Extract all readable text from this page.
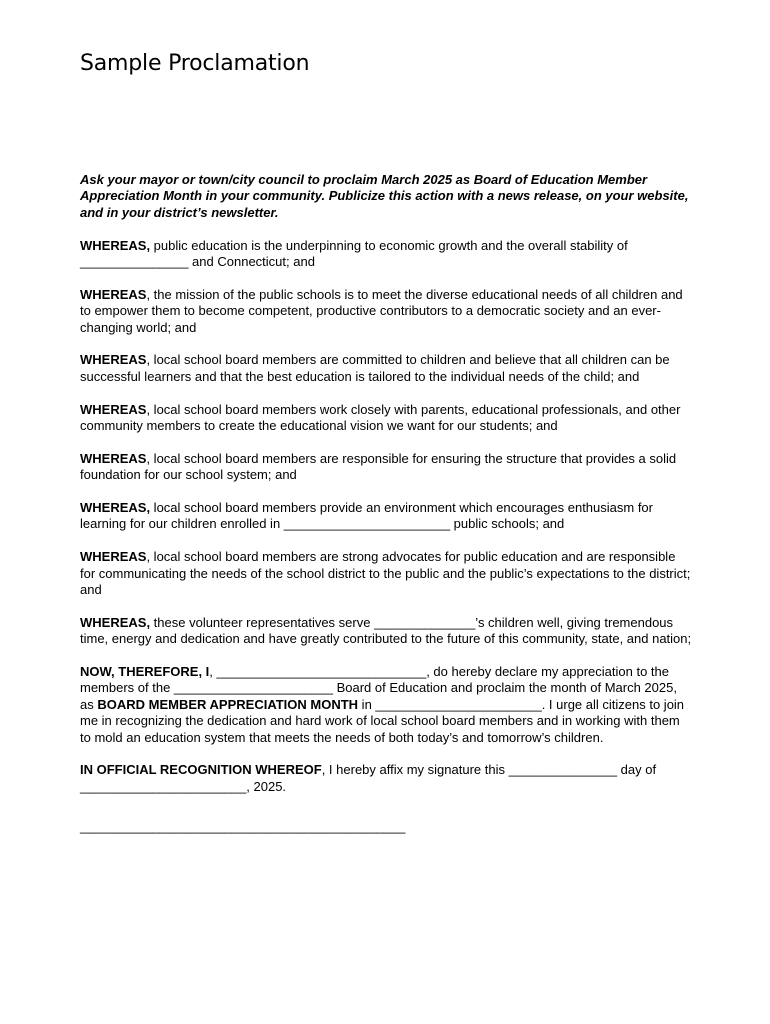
Sample Proclamation

Ask your mayor or town/city council to proclaim March 2025 as Board of Education Member Appreciation Month in your community. Publicize this action with a news release, on your website, and in your district’s newsletter.

WHEREAS, public education is the underpinning to economic growth and the overall stability of _______________ and Connecticut; and

WHEREAS, the mission of the public schools is to meet the diverse educational needs of all children and to empower them to become competent, productive contributors to a democratic society and an ever-changing world; and

WHEREAS, local school board members are committed to children and believe that all children can be successful learners and that the best education is tailored to the individual needs of the child; and

WHEREAS, local school board members work closely with parents, educational professionals, and other community members to create the educational vision we want for our students; and

WHEREAS, local school board members are responsible for ensuring the structure that provides a solid foundation for our school system; and

WHEREAS, local school board members provide an environment which encourages enthusiasm for learning for our children enrolled in _______________________ public schools; and

WHEREAS, local school board members are strong advocates for public education and are responsible for communicating the needs of the school district to the public and the public’s expectations to the district; and

WHEREAS, these volunteer representatives serve ______________’s children well, giving tremendous time, energy and dedication and have greatly contributed to the future of this community, state, and nation;

NOW, THEREFORE, I, _____________________________, do hereby declare my appreciation to the members of the ______________________ Board of Education and proclaim the month of March 2025, as BOARD MEMBER APPRECIATION MONTH in _______________________. I urge all citizens to join me in recognizing the dedication and hard work of local school board members and in working with them to mold an education system that meets the needs of both today’s and tomorrow’s children.

IN OFFICIAL RECOGNITION WHEREOF, I hereby affix my signature this _______________ day of _______________________, 2025.

_____________________________________________
